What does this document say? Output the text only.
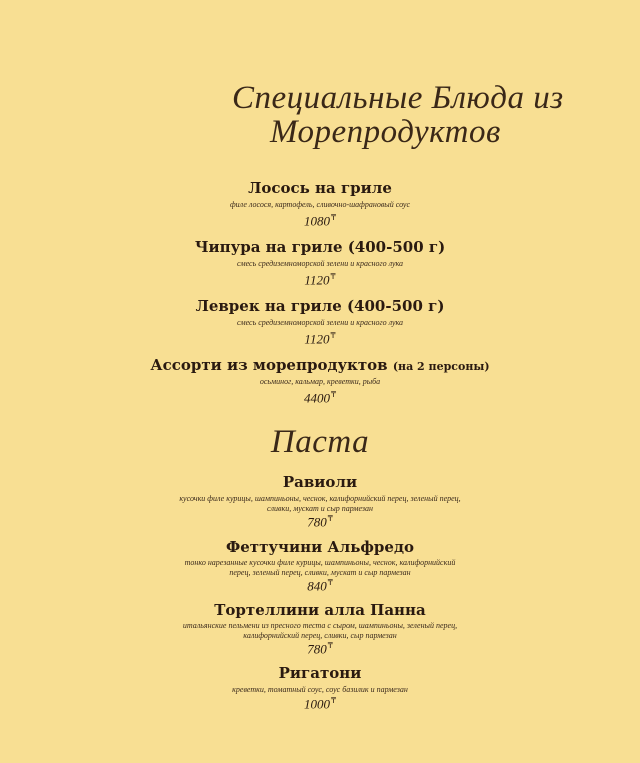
Специальные Блюда из
Морепродуктов
Лосось на гриле
филе лосося, картофель, сливочно-шафрановый соус
1080₸
Чипура на гриле (400-500 г)
смесь средиземноморской зелени и красного лука
1120₸
Леврек на гриле (400-500 г)
смесь средиземноморской зелени и красного лука
1120₸
Ассорти из морепродуктов (на 2 персоны)
осьминог, кальмар, креветки, рыба
4400₸
Паста
Равиоли
кусочки филе курицы, шампиньоны, чеснок, калифорнийский перец, зеленый перец,
сливки, мускат и сыр пармезан
780₸
Феттучини Альфредо
тонко нарезанные кусочки филе курицы, шампиньоны, чеснок, калифорнийский
перец, зеленый перец, сливки, мускат и сыр пармезан
840₸
Тортеллини алла Панна
итальянские пельмени из пресного теста с сыром, шампиньоны, зеленый перец,
калифорнийский перец, сливки, сыр пармезан
780₸
Ригатони
креветки, томатный соус, соус базилик и пармезан
1000₸
